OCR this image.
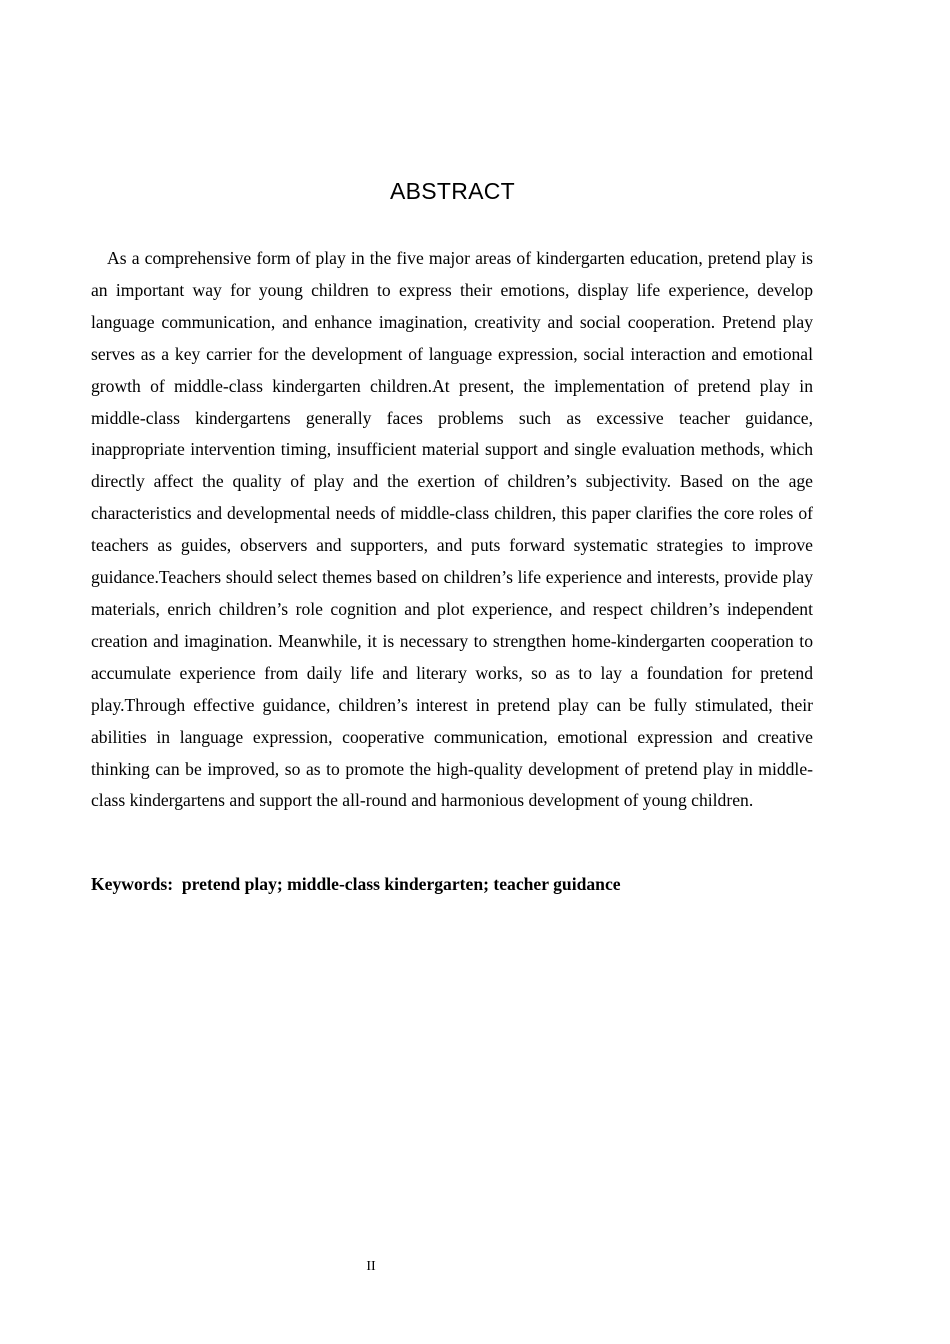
ABSTRACT

As a comprehensive form of play in the five major areas of kindergarten education, pretend play is an important way for young children to express their emotions, display life experience, develop language communication, and enhance imagination, creativity and social cooperation. Pretend play serves as a key carrier for the development of language expression, social interaction and emotional growth of middle-class kindergarten children.At present, the implementation of pretend play in middle-class kindergartens generally faces problems such as excessive teacher guidance, inappropriate intervention timing, insufficient material support and single evaluation methods, which directly affect the quality of play and the exertion of children’s subjectivity. Based on the age characteristics and developmental needs of middle-class children, this paper clarifies the core roles of teachers as guides, observers and supporters, and puts forward systematic strategies to improve guidance.Teachers should select themes based on children’s life experience and interests, provide play materials, enrich children’s role cognition and plot experience, and respect children’s independent creation and imagination. Meanwhile, it is necessary to strengthen home-kindergarten cooperation to accumulate experience from daily life and literary works, so as to lay a foundation for pretend play.Through effective guidance, children’s interest in pretend play can be fully stimulated, their abilities in language expression, cooperative communication, emotional expression and creative thinking can be improved, so as to promote the high-quality development of pretend play in middle-class kindergartens and support the all-round and harmonious development of young children.

Keywords:  pretend play; middle-class kindergarten; teacher guidance

II
